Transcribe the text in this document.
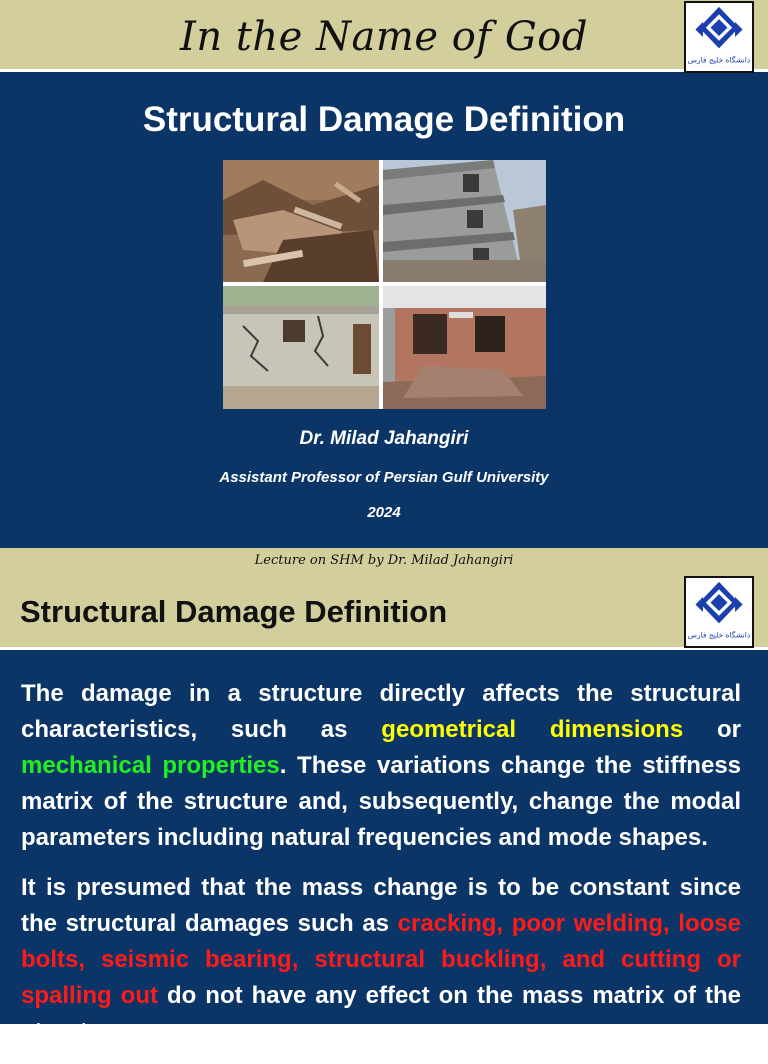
In the Name of God	دانشگاه خلیج فارس
Structural Damage Definition
Dr. Milad Jahangiri
Assistant Professor of Persian Gulf University
2024
Lecture on SHM by Dr. Milad Jahangiri
Structural Damage Definition
دانشگاه خلیج فارس

The damage in a structure directly affects the structural characteristics, such as geometrical dimensions or mechanical properties. These variations change the stiffness matrix of the structure and, subsequently, change the modal parameters including natural frequencies and mode shapes.

It is presumed that the mass change is to be constant since the structural damages such as cracking, poor welding, loose bolts, seismic bearing, structural buckling, and cutting or spalling out do not have any effect on the mass matrix of the structure.
